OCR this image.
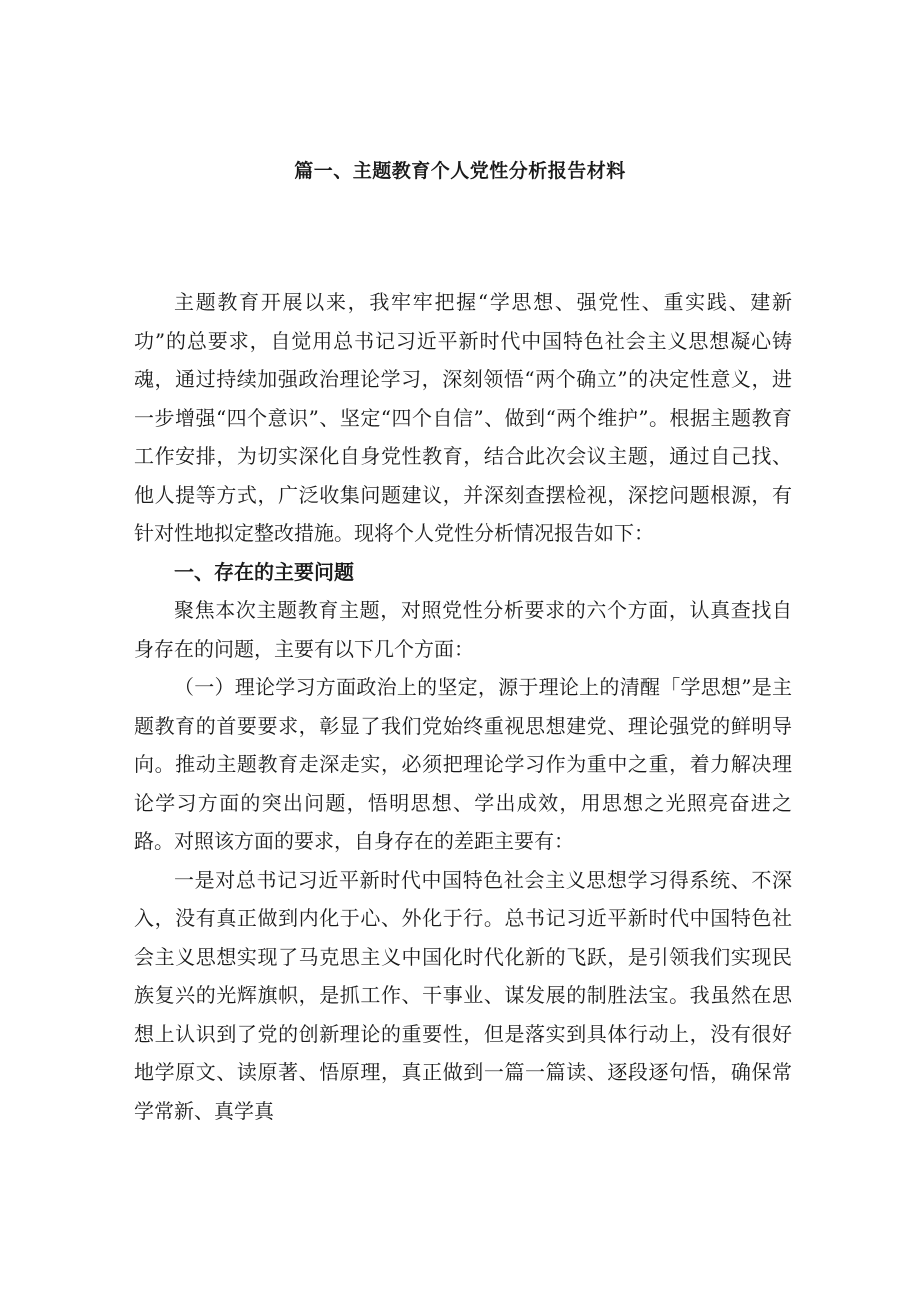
篇一、主题教育个人党性分析报告材料

主题教育开展以来，我牢牢把握“学思想、强党性、重实践、建新功”的总要求，自觉用总书记习近平新时代中国特色社会主义思想凝心铸魂，通过持续加强政治理论学习，深刻领悟“两个确立”的决定性意义，进一步增强“四个意识”、坚定“四个自信”、做到“两个维护”。根据主题教育工作安排，为切实深化自身党性教育，结合此次会议主题，通过自己找、他人提等方式，广泛收集问题建议，并深刻查摆检视，深挖问题根源，有针对性地拟定整改措施。现将个人党性分析情况报告如下：

一、存在的主要问题

聚焦本次主题教育主题，对照党性分析要求的六个方面，认真查找自身存在的问题，主要有以下几个方面：

（一）理论学习方面政治上的坚定，源于理论上的清醒「学思想”是主题教育的首要要求，彰显了我们党始终重视思想建党、理论强党的鲜明导向。推动主题教育走深走实，必须把理论学习作为重中之重，着力解决理论学习方面的突出问题，悟明思想、学出成效，用思想之光照亮奋进之路。对照该方面的要求，自身存在的差距主要有：

一是对总书记习近平新时代中国特色社会主义思想学习得系统、不深入，没有真正做到内化于心、外化于行。总书记习近平新时代中国特色社会主义思想实现了马克思主义中国化时代化新的飞跃，是引领我们实现民族复兴的光辉旗帜，是抓工作、干事业、谋发展的制胜法宝。我虽然在思想上认识到了党的创新理论的重要性，但是落实到具体行动上，没有很好地学原文、读原著、悟原理，真正做到一篇一篇读、逐段逐句悟，确保常学常新、真学真
